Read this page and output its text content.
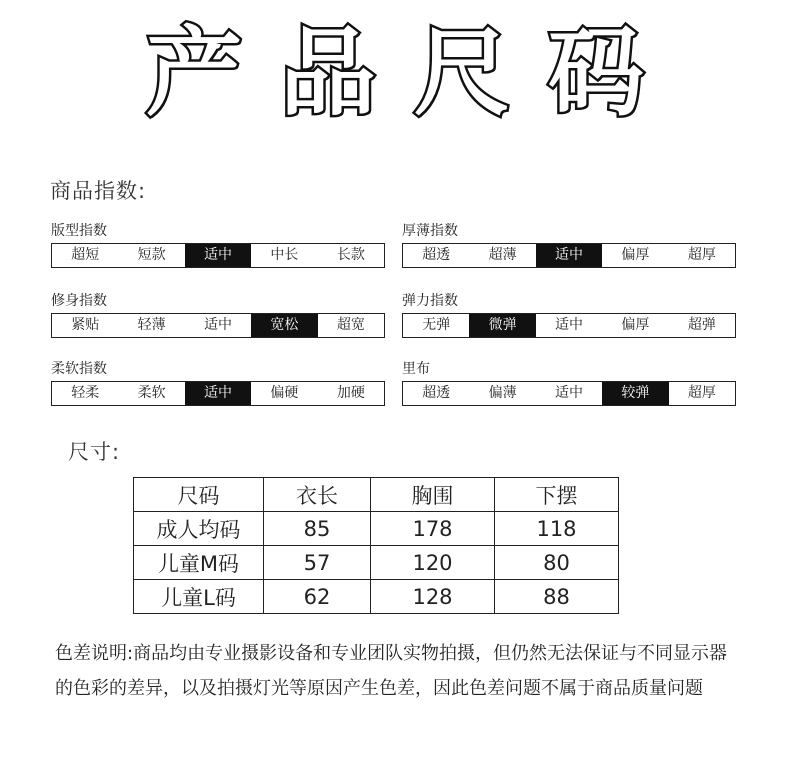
产 品 尺 码
商品指数:
版型指数
超短	短款	适中	中长	长款
厚薄指数
超透	超薄	适中	偏厚	超厚
修身指数
紧贴	轻薄	适中	宽松	超宽
弹力指数
无弹	微弹	适中	偏厚	超弹
柔软指数
轻柔	柔软	适中	偏硬	加硬
里布
超透	偏薄	适中	较弹	超厚
尺寸:
尺码	衣长	胸围	下摆
成人均码	85	178	118
儿童M码	57	120	80
儿童L码	62	128	88
色差说明:商品均由专业摄影设备和专业团队实物拍摄，但仍然无法保证与不同显示器的色彩的差异，以及拍摄灯光等原因产生色差，因此色差问题不属于商品质量问题
